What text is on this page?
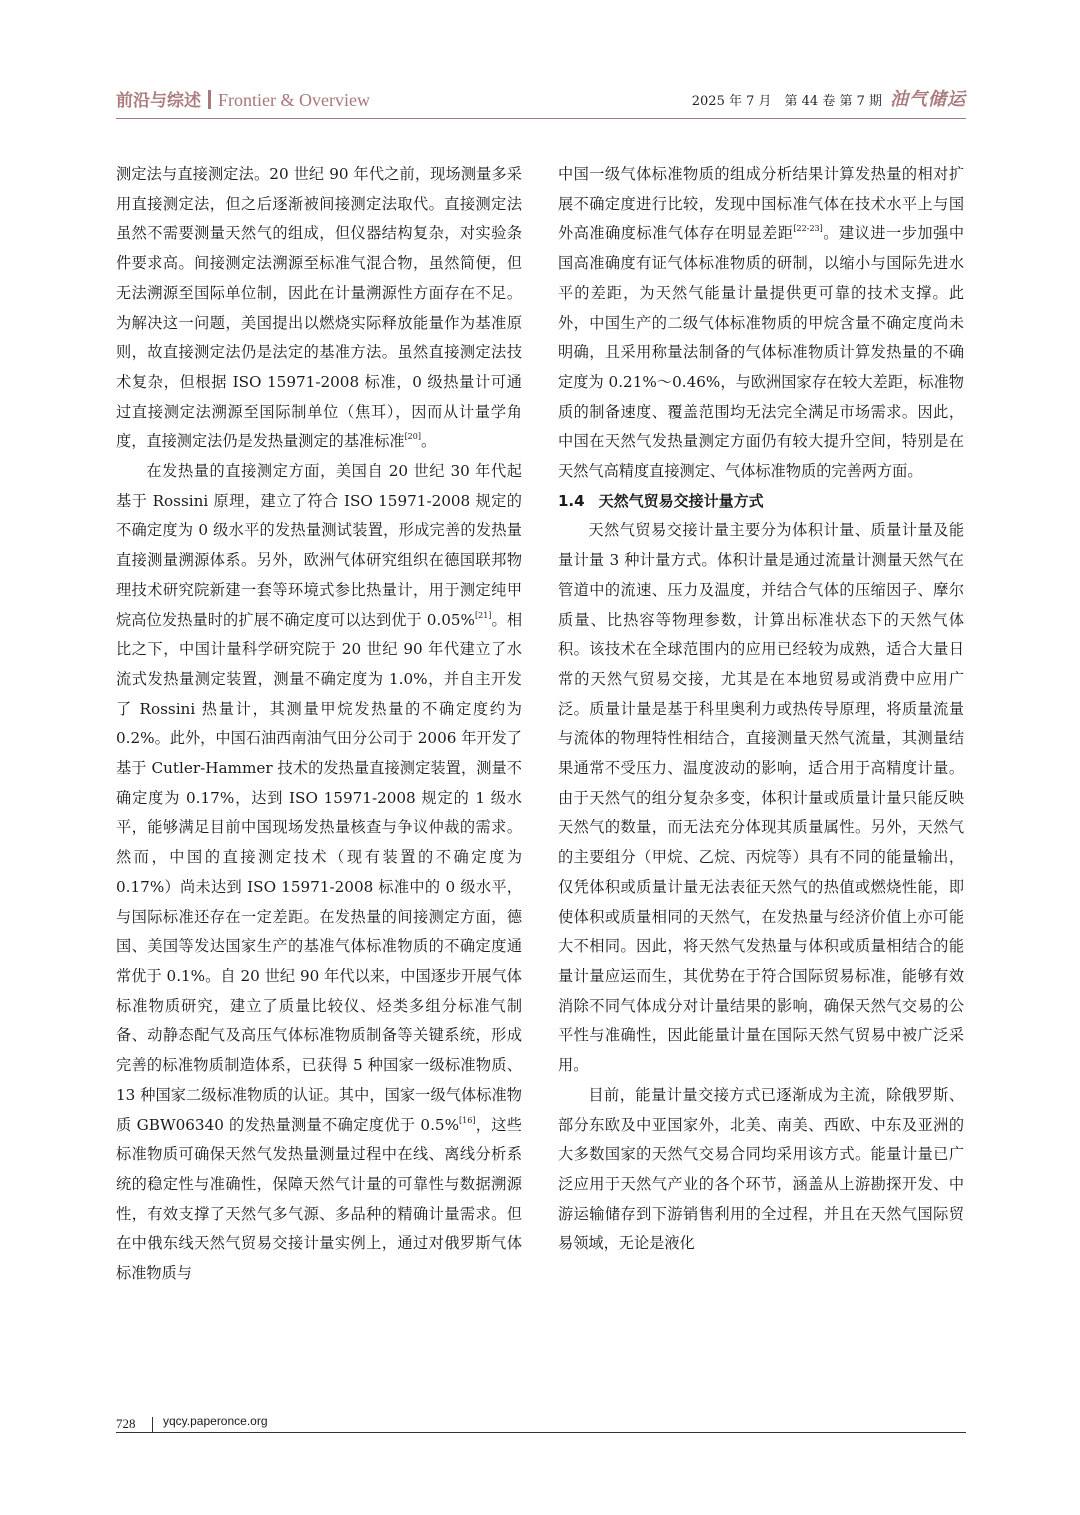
前沿与综述 Frontier & Overview	2025 年 7 月　第 44 卷 第 7 期 油气储运

测定法与直接测定法。20 世纪 90 年代之前，现场测量多采用直接测定法，但之后逐渐被间接测定法取代。直接测定法虽然不需要测量天然气的组成，但仪器结构复杂，对实验条件要求高。间接测定法溯源至标准气混合物，虽然简便，但无法溯源至国际单位制，因此在计量溯源性方面存在不足。为解决这一问题，美国提出以燃烧实际释放能量作为基准原则，故直接测定法仍是法定的基准方法。虽然直接测定法技术复杂，但根据 ISO 15971-2008 标准，0 级热量计可通过直接测定法溯源至国际制单位（焦耳），因而从计量学角度，直接测定法仍是发热量测定的基准标准[20]。

在发热量的直接测定方面，美国自 20 世纪 30 年代起基于 Rossini 原理，建立了符合 ISO 15971-2008 规定的不确定度为 0 级水平的发热量测试装置，形成完善的发热量直接测量溯源体系。另外，欧洲气体研究组织在德国联邦物理技术研究院新建一套等环境式参比热量计，用于测定纯甲烷高位发热量时的扩展不确定度可以达到优于 0.05%[21]。相比之下，中国计量科学研究院于 20 世纪 90 年代建立了水流式发热量测定装置，测量不确定度为 1.0%，并自主开发了 Rossini 热量计，其测量甲烷发热量的不确定度约为 0.2%。此外，中国石油西南油气田分公司于 2006 年开发了基于 Cutler-Hammer 技术的发热量直接测定装置，测量不确定度为 0.17%，达到 ISO 15971-2008 规定的 1 级水平，能够满足目前中国现场发热量核查与争议仲裁的需求。然而，中国的直接测定技术（现有装置的不确定度为 0.17%）尚未达到 ISO 15971-2008 标准中的 0 级水平，与国际标准还存在一定差距。在发热量的间接测定方面，德国、美国等发达国家生产的基准气体标准物质的不确定度通常优于 0.1%。自 20 世纪 90 年代以来，中国逐步开展气体标准物质研究，建立了质量比较仪、烃类多组分标准气制备、动静态配气及高压气体标准物质制备等关键系统，形成完善的标准物质制造体系，已获得 5 种国家一级标准物质、13 种国家二级标准物质的认证。其中，国家一级气体标准物质 GBW06340 的发热量测量不确定度优于 0.5%[16]，这些标准物质可确保天然气发热量测量过程中在线、离线分析系统的稳定性与准确性，保障天然气计量的可靠性与数据溯源性，有效支撑了天然气多气源、多品种的精确计量需求。但在中俄东线天然气贸易交接计量实例上，通过对俄罗斯气体标准物质与

中国一级气体标准物质的组成分析结果计算发热量的相对扩展不确定度进行比较，发现中国标准气体在技术水平上与国外高准确度标准气体存在明显差距[22-23]。建议进一步加强中国高准确度有证气体标准物质的研制，以缩小与国际先进水平的差距，为天然气能量计量提供更可靠的技术支撑。此外，中国生产的二级气体标准物质的甲烷含量不确定度尚未明确，且采用称量法制备的气体标准物质计算发热量的不确定度为 0.21%～0.46%，与欧洲国家存在较大差距，标准物质的制备速度、覆盖范围均无法完全满足市场需求。因此，中国在天然气发热量测定方面仍有较大提升空间，特别是在天然气高精度直接测定、气体标准物质的完善两方面。

1.4 天然气贸易交接计量方式

天然气贸易交接计量主要分为体积计量、质量计量及能量计量 3 种计量方式。体积计量是通过流量计测量天然气在管道中的流速、压力及温度，并结合气体的压缩因子、摩尔质量、比热容等物理参数，计算出标准状态下的天然气体积。该技术在全球范围内的应用已经较为成熟，适合大量日常的天然气贸易交接，尤其是在本地贸易或消费中应用广泛。质量计量是基于科里奥利力或热传导原理，将质量流量与流体的物理特性相结合，直接测量天然气流量，其测量结果通常不受压力、温度波动的影响，适合用于高精度计量。由于天然气的组分复杂多变，体积计量或质量计量只能反映天然气的数量，而无法充分体现其质量属性。另外，天然气的主要组分（甲烷、乙烷、丙烷等）具有不同的能量输出，仅凭体积或质量计量无法表征天然气的热值或燃烧性能，即使体积或质量相同的天然气，在发热量与经济价值上亦可能大不相同。因此，将天然气发热量与体积或质量相结合的能量计量应运而生，其优势在于符合国际贸易标准，能够有效消除不同气体成分对计量结果的影响，确保天然气交易的公平性与准确性，因此能量计量在国际天然气贸易中被广泛采用。

目前，能量计量交接方式已逐渐成为主流，除俄罗斯、部分东欧及中亚国家外，北美、南美、西欧、中东及亚洲的大多数国家的天然气交易合同均采用该方式。能量计量已广泛应用于天然气产业的各个环节，涵盖从上游勘探开发、中游运输储存到下游销售利用的全过程，并且在天然气国际贸易领域，无论是液化

728 yqcy.paperonce.org
